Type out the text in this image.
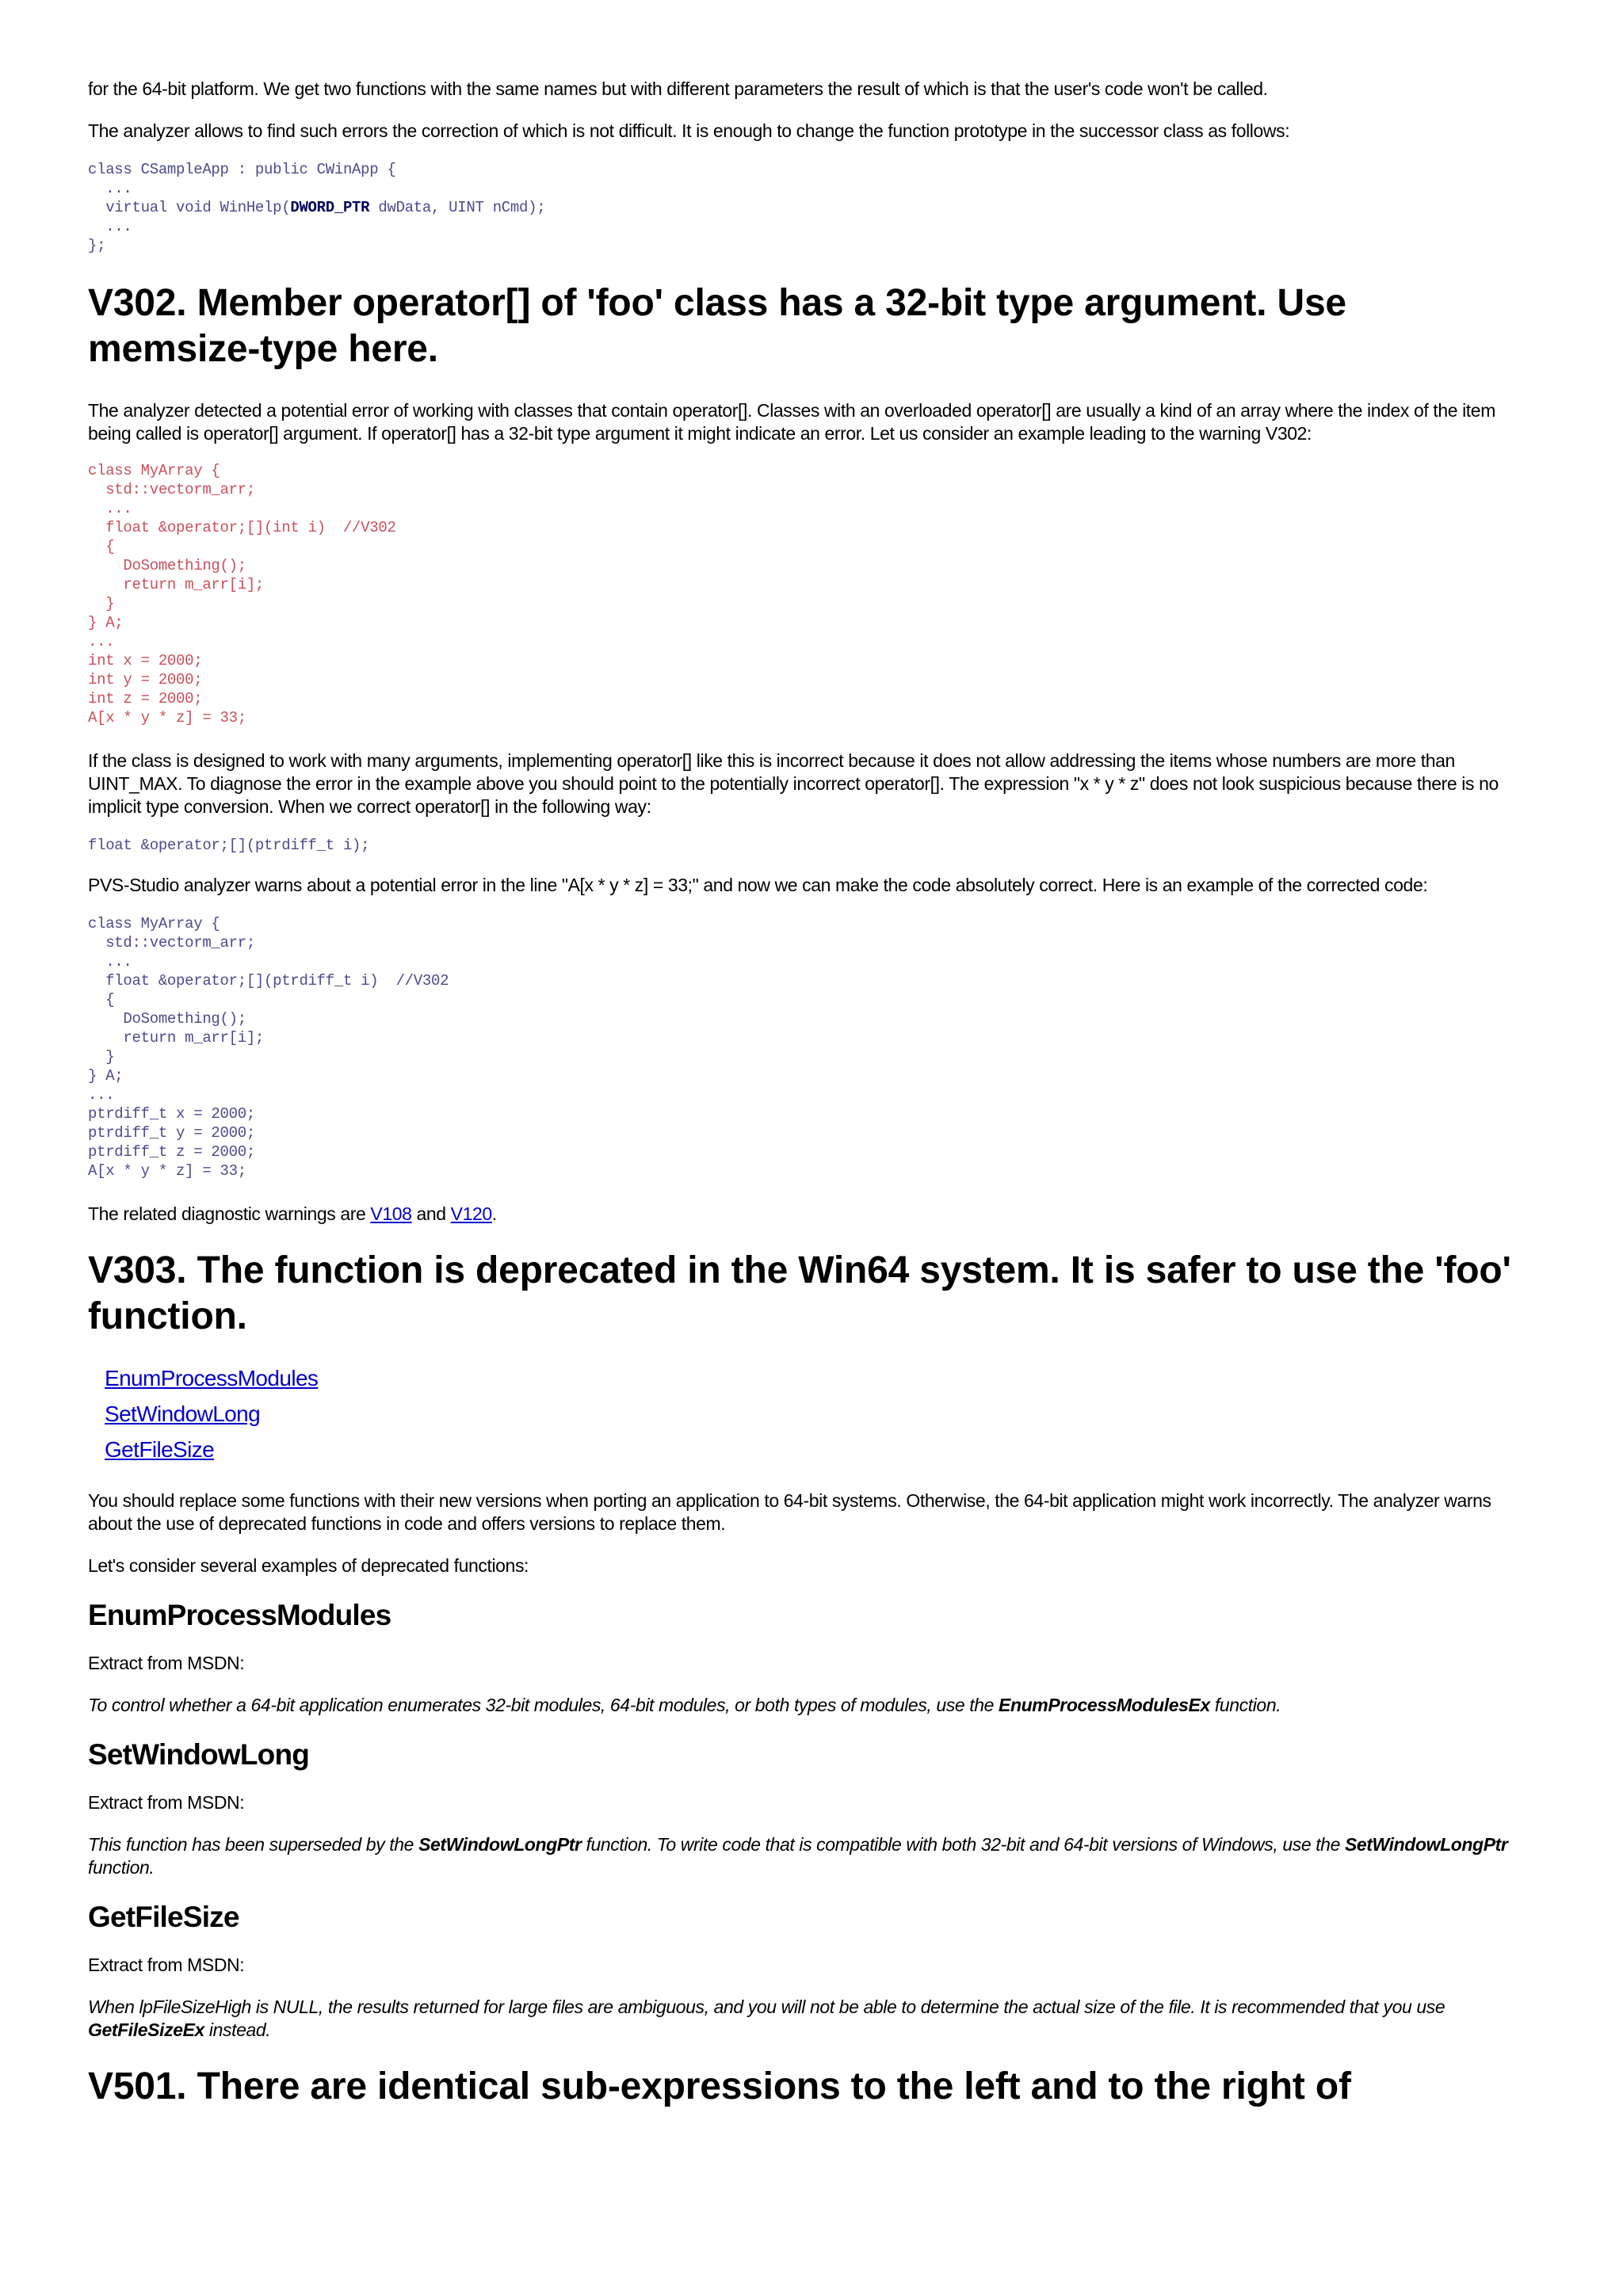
for the 64-bit platform. We get two functions with the same names but with different parameters the result of which is that the user's code won't be called.

The analyzer allows to find such errors the correction of which is not difficult. It is enough to change the function prototype in the successor class as follows:

class CSampleApp : public CWinApp {
...
virtual void WinHelp(DWORD_PTR dwData, UINT nCmd);
...
};
V302. Member operator[] of 'foo' class has a 32-bit type argument. Use memsize-type here.

The analyzer detected a potential error of working with classes that contain operator[]. Classes with an overloaded operator[] are usually a kind of an array where the index of the item being called is operator[] argument. If operator[] has a 32-bit type argument it might indicate an error. Let us consider an example leading to the warning V302:

class MyArray {
std::vectorm_arr;
...
float &operator;[](int i)  //V302
{
DoSomething();
return m_arr[i];
}
} A;
...
int x = 2000;
int y = 2000;
int z = 2000;
A[x * y * z] = 33;

If the class is designed to work with many arguments, implementing operator[] like this is incorrect because it does not allow addressing the items whose numbers are more than UINT_MAX. To diagnose the error in the example above you should point to the potentially incorrect operator[]. The expression "x * y * z" does not look suspicious because there is no implicit type conversion. When we correct operator[] in the following way:

float &operator;[](ptrdiff_t i);

PVS-Studio analyzer warns about a potential error in the line "A[x * y * z] = 33;" and now we can make the code absolutely correct. Here is an example of the corrected code:

class MyArray {
std::vectorm_arr;
...
float &operator;[](ptrdiff_t i)  //V302
{
DoSomething();
return m_arr[i];
}
} A;
...
ptrdiff_t x = 2000;
ptrdiff_t y = 2000;
ptrdiff_t z = 2000;
A[x * y * z] = 33;

The related diagnostic warnings are V108 and V120.

V303. The function is deprecated in the Win64 system. It is safer to use the 'foo' function.
EnumProcessModules
SetWindowLong
GetFileSize

You should replace some functions with their new versions when porting an application to 64-bit systems. Otherwise, the 64-bit application might work incorrectly. The analyzer warns about the use of deprecated functions in code and offers versions to replace them.

Let's consider several examples of deprecated functions:

EnumProcessModules

Extract from MSDN:

To control whether a 64-bit application enumerates 32-bit modules, 64-bit modules, or both types of modules, use the EnumProcessModulesEx function.

SetWindowLong

Extract from MSDN:

This function has been superseded by the SetWindowLongPtr function. To write code that is compatible with both 32-bit and 64-bit versions of Windows, use the SetWindowLongPtr function.

GetFileSize

Extract from MSDN:

When lpFileSizeHigh is NULL, the results returned for large files are ambiguous, and you will not be able to determine the actual size of the file. It is recommended that you use GetFileSizeEx instead.

V501. There are identical sub-expressions to the left and to the right of
